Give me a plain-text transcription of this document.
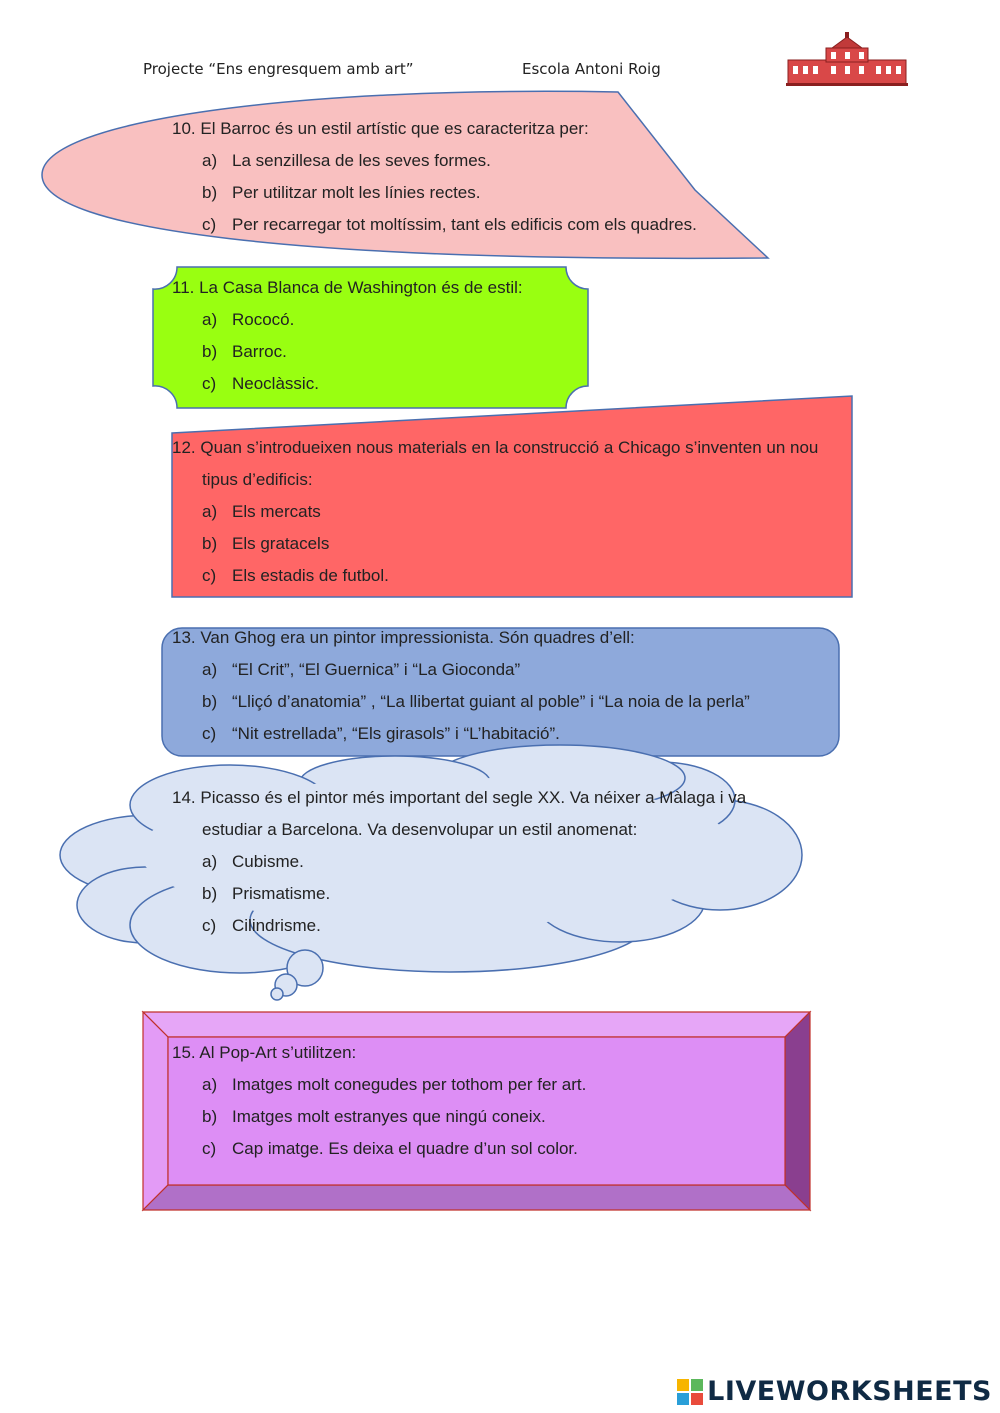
Projecte “Ens engresquem amb art”	Escola Antoni Roig
10. El Barroc és un estil artístic que es caracteritza per:
a) La senzillesa de les seves formes.
b) Per utilitzar molt les línies rectes.
c) Per recarregar tot moltíssim, tant els edificis com els quadres.
11. La Casa Blanca de Washington és de estil:
a) Rococó.
b) Barroc.
c) Neoclàssic.
12. Quan s’introdueixen nous materials en la construcció a Chicago s’inventen un nou tipus d’edificis:
a) Els mercats
b) Els gratacels
c) Els estadis de futbol.
13. Van Ghog era un pintor impressionista. Són quadres d’ell:
a) “El Crit”, “El Guernica” i “La Gioconda”
b) “Lliçó d’anatomia” , “La llibertat guiant al poble” i “La noia de la perla”
c) “Nit estrellada”, “Els girasols” i “L’habitació”.
14. Picasso és el pintor més important del segle XX. Va néixer a Màlaga i va estudiar a Barcelona. Va desenvolupar un estil anomenat:
a) Cubisme.
b) Prismatisme.
c) Cilindrisme.
15. Al Pop-Art s’utilitzen:
a) Imatges molt conegudes per tothom per fer art.
b) Imatges molt estranyes que ningú coneix.
c) Cap imatge. Es deixa el quadre d’un sol color.
LIVEWORKSHEETS
